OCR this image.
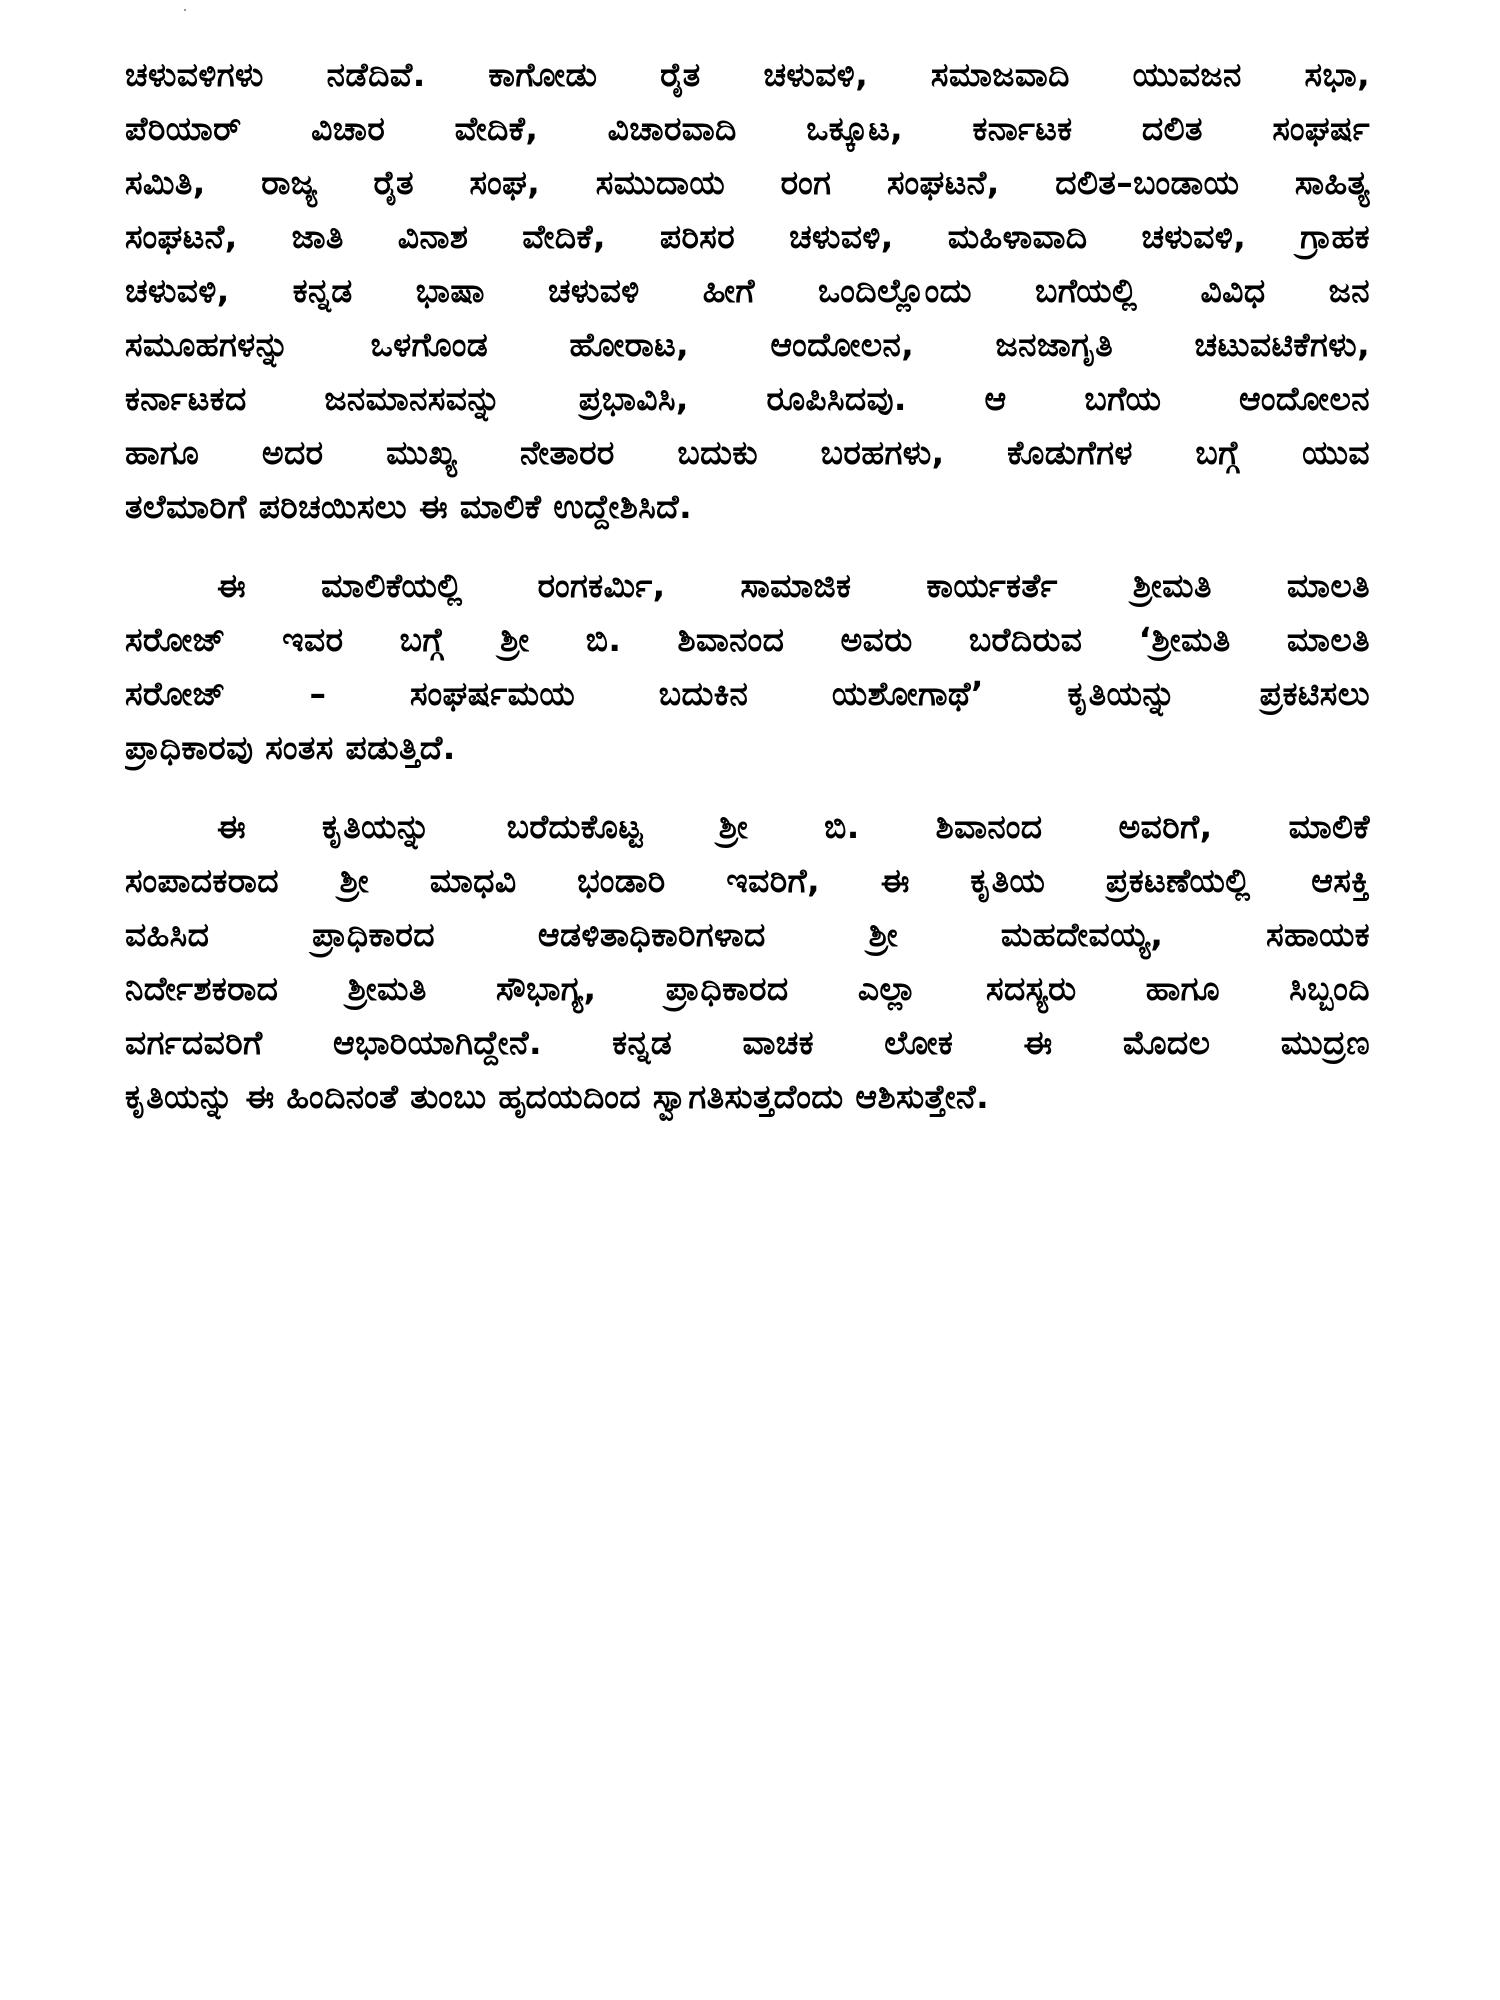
ಚಳುವಳಿಗಳು ನಡೆದಿವೆ. ಕಾಗೋಡು ರೈತ ಚಳುವಳಿ, ಸಮಾಜವಾದಿ ಯುವಜನ ಸಭಾ,
ಪೆರಿಯಾರ್ ವಿಚಾರ ವೇದಿಕೆ, ವಿಚಾರವಾದಿ ಒಕ್ಕೂಟ, ಕರ್ನಾಟಕ ದಲಿತ ಸಂಘರ್ಷ
ಸಮಿತಿ, ರಾಜ್ಯ ರೈತ ಸಂಘ, ಸಮುದಾಯ ರಂಗ ಸಂಘಟನೆ, ದಲಿತ–ಬಂಡಾಯ ಸಾಹಿತ್ಯ
ಸಂಘಟನೆ, ಜಾತಿ ವಿನಾಶ ವೇದಿಕೆ, ಪರಿಸರ ಚಳುವಳಿ, ಮಹಿಳಾವಾದಿ ಚಳುವಳಿ, ಗ್ರಾಹಕ
ಚಳುವಳಿ, ಕನ್ನಡ ಭಾಷಾ ಚಳುವಳಿ ಹೀಗೆ ಒಂದಿಲ್ಲೊಂದು ಬಗೆಯಲ್ಲಿ ವಿವಿಧ ಜನ
ಸಮೂಹಗಳನ್ನು ಒಳಗೊಂಡ ಹೋರಾಟ, ಆಂದೋಲನ, ಜನಜಾಗೃತಿ ಚಟುವಟಿಕೆಗಳು,
ಕರ್ನಾಟಕದ ಜನಮಾನಸವನ್ನು ಪ್ರಭಾವಿಸಿ, ರೂಪಿಸಿದವು. ಆ ಬಗೆಯ ಆಂದೋಲನ
ಹಾಗೂ ಅದರ ಮುಖ್ಯ ನೇತಾರರ ಬದುಕು ಬರಹಗಳು, ಕೊಡುಗೆಗಳ ಬಗ್ಗೆ ಯುವ
ತಲೆಮಾರಿಗೆ ಪರಿಚಯಿಸಲು ಈ ಮಾಲಿಕೆ ಉದ್ದೇಶಿಸಿದೆ.

ಈ ಮಾಲಿಕೆಯಲ್ಲಿ ರಂಗಕರ್ಮಿ, ಸಾಮಾಜಿಕ ಕಾರ್ಯಕರ್ತೆ ಶ್ರೀಮತಿ ಮಾಲತಿ
ಸರೋಜ್ ಇವರ ಬಗ್ಗೆ ಶ್ರೀ ಬಿ. ಶಿವಾನಂದ ಅವರು ಬರೆದಿರುವ ‘ಶ್ರೀಮತಿ ಮಾಲತಿ
ಸರೋಜ್ – ಸಂಘರ್ಷಮಯ ಬದುಕಿನ ಯಶೋಗಾಥೆ’ ಕೃತಿಯನ್ನು ಪ್ರಕಟಿಸಲು
ಪ್ರಾಧಿಕಾರವು ಸಂತಸ ಪಡುತ್ತಿದೆ.

ಈ ಕೃತಿಯನ್ನು ಬರೆದುಕೊಟ್ಟ ಶ್ರೀ ಬಿ. ಶಿವಾನಂದ ಅವರಿಗೆ, ಮಾಲಿಕೆ
ಸಂಪಾದಕರಾದ ಶ್ರೀ ಮಾಧವಿ ಭಂಡಾರಿ ಇವರಿಗೆ, ಈ ಕೃತಿಯ ಪ್ರಕಟಣೆಯಲ್ಲಿ ಆಸಕ್ತಿ
ವಹಿಸಿದ ಪ್ರಾಧಿಕಾರದ ಆಡಳಿತಾಧಿಕಾರಿಗಳಾದ ಶ್ರೀ ಮಹದೇವಯ್ಯ, ಸಹಾಯಕ
ನಿರ್ದೇಶಕರಾದ ಶ್ರೀಮತಿ ಸೌಭಾಗ್ಯ, ಪ್ರಾಧಿಕಾರದ ಎಲ್ಲಾ ಸದಸ್ಯರು ಹಾಗೂ ಸಿಬ್ಬಂದಿ
ವರ್ಗದವರಿಗೆ ಆಭಾರಿಯಾಗಿದ್ದೇನೆ. ಕನ್ನಡ ವಾಚಕ ಲೋಕ ಈ ಮೊದಲ ಮುದ್ರಣ
ಕೃತಿಯನ್ನು ಈ ಹಿಂದಿನಂತೆ ತುಂಬು ಹೃದಯದಿಂದ ಸ್ವಾಗತಿಸುತ್ತದೆಂದು ಆಶಿಸುತ್ತೇನೆ.
